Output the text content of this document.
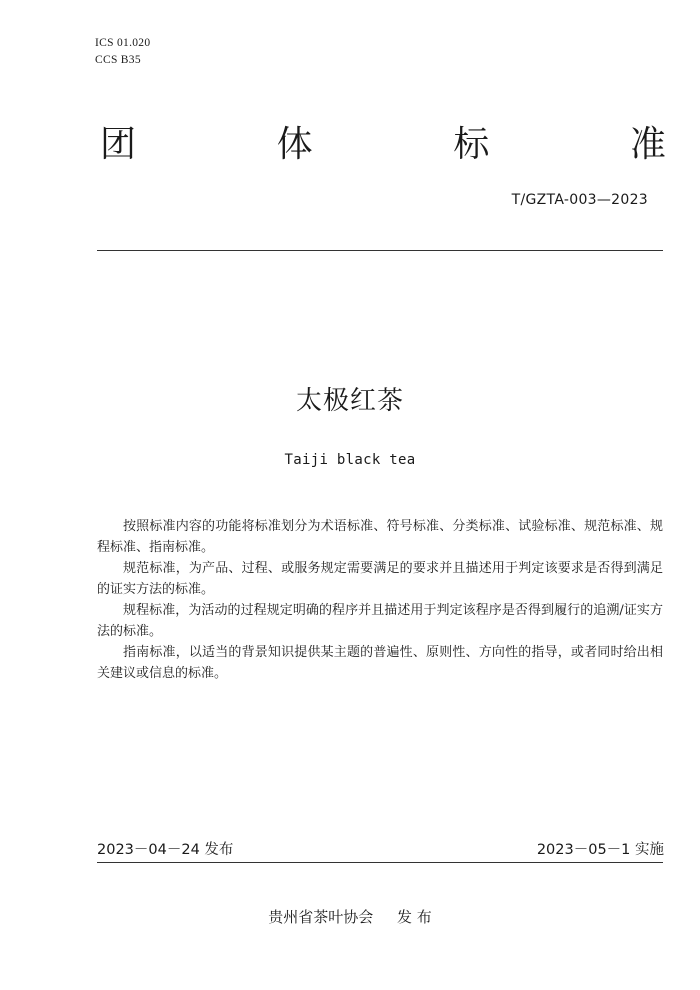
ICS 01.020
CCS B35
团	体	标	准
T/GZTA-003—2023
太极红茶
Taiji black tea

按照标准内容的功能将标准划分为术语标准、符号标准、分类标准、试验标准、规范标准、规程标准、指南标准。

规范标准，为产品、过程、或服务规定需要满足的要求并且描述用于判定该要求是否得到满足的证实方法的标准。

规程标准，为活动的过程规定明确的程序并且描述用于判定该程序是否得到履行的追溯/证实方法的标准。

指南标准，以适当的背景知识提供某主题的普遍性、原则性、方向性的指导，或者同时给出相关建议或信息的标准。

2023－04－24 发布	2023－05－1 实施
贵州省茶叶协会     发 布
